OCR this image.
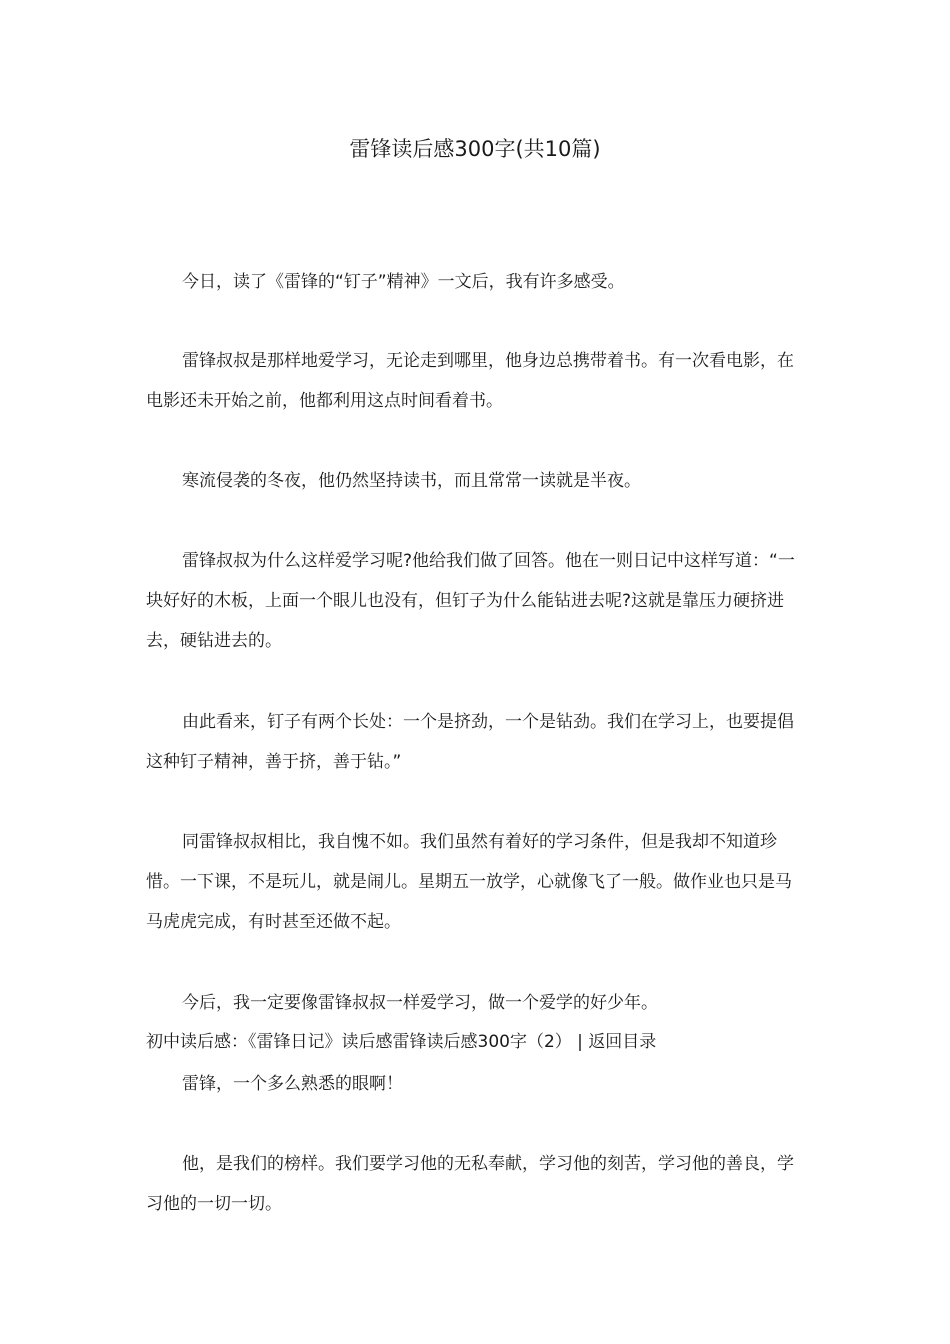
雷锋读后感300字(共10篇)

今日，读了《雷锋的“钉子”精神》一文后，我有许多感受。

雷锋叔叔是那样地爱学习，无论走到哪里，他身边总携带着书。有一次看电影，在电影还未开始之前，他都利用这点时间看着书。

寒流侵袭的冬夜，他仍然坚持读书，而且常常一读就是半夜。

雷锋叔叔为什么这样爱学习呢?他给我们做了回答。他在一则日记中这样写道：“一块好好的木板，上面一个眼儿也没有，但钉子为什么能钻进去呢?这就是靠压力硬挤进去，硬钻进去的。

由此看来，钉子有两个长处：一个是挤劲，一个是钻劲。我们在学习上，也要提倡这种钉子精神，善于挤，善于钻。”

同雷锋叔叔相比，我自愧不如。我们虽然有着好的学习条件，但是我却不知道珍惜。一下课，不是玩儿，就是闹儿。星期五一放学，心就像飞了一般。做作业也只是马马虎虎完成，有时甚至还做不起。

今后，我一定要像雷锋叔叔一样爱学习，做一个爱学的好少年。

初中读后感：《雷锋日记》读后感雷锋读后感300字（2） | 返回目录

雷锋，一个多么熟悉的眼啊！

他，是我们的榜样。我们要学习他的无私奉献，学习他的刻苦，学习他的善良，学习他的一切一切。
